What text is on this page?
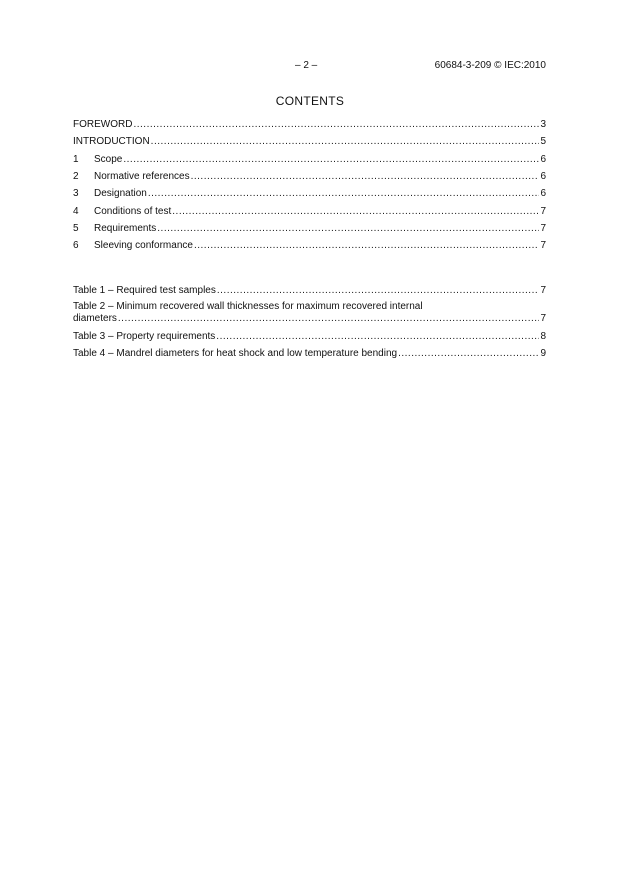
– 2 –	60684-3-209 © IEC:2010
CONTENTS
FOREWORD .....	3
INTRODUCTION .....	5
1	Scope .....	6
2	Normative references .....	6
3	Designation .....	6
4	Conditions of test .....	7
5	Requirements .....	7
6	Sleeving conformance .....	7
Table 1 – Required test samples .....	7
Table 2 – Minimum recovered wall thicknesses for maximum recovered internal
diameters .....	7
Table 3 – Property requirements .....	8
Table 4 – Mandrel diameters for heat shock and low temperature bending .....	9
